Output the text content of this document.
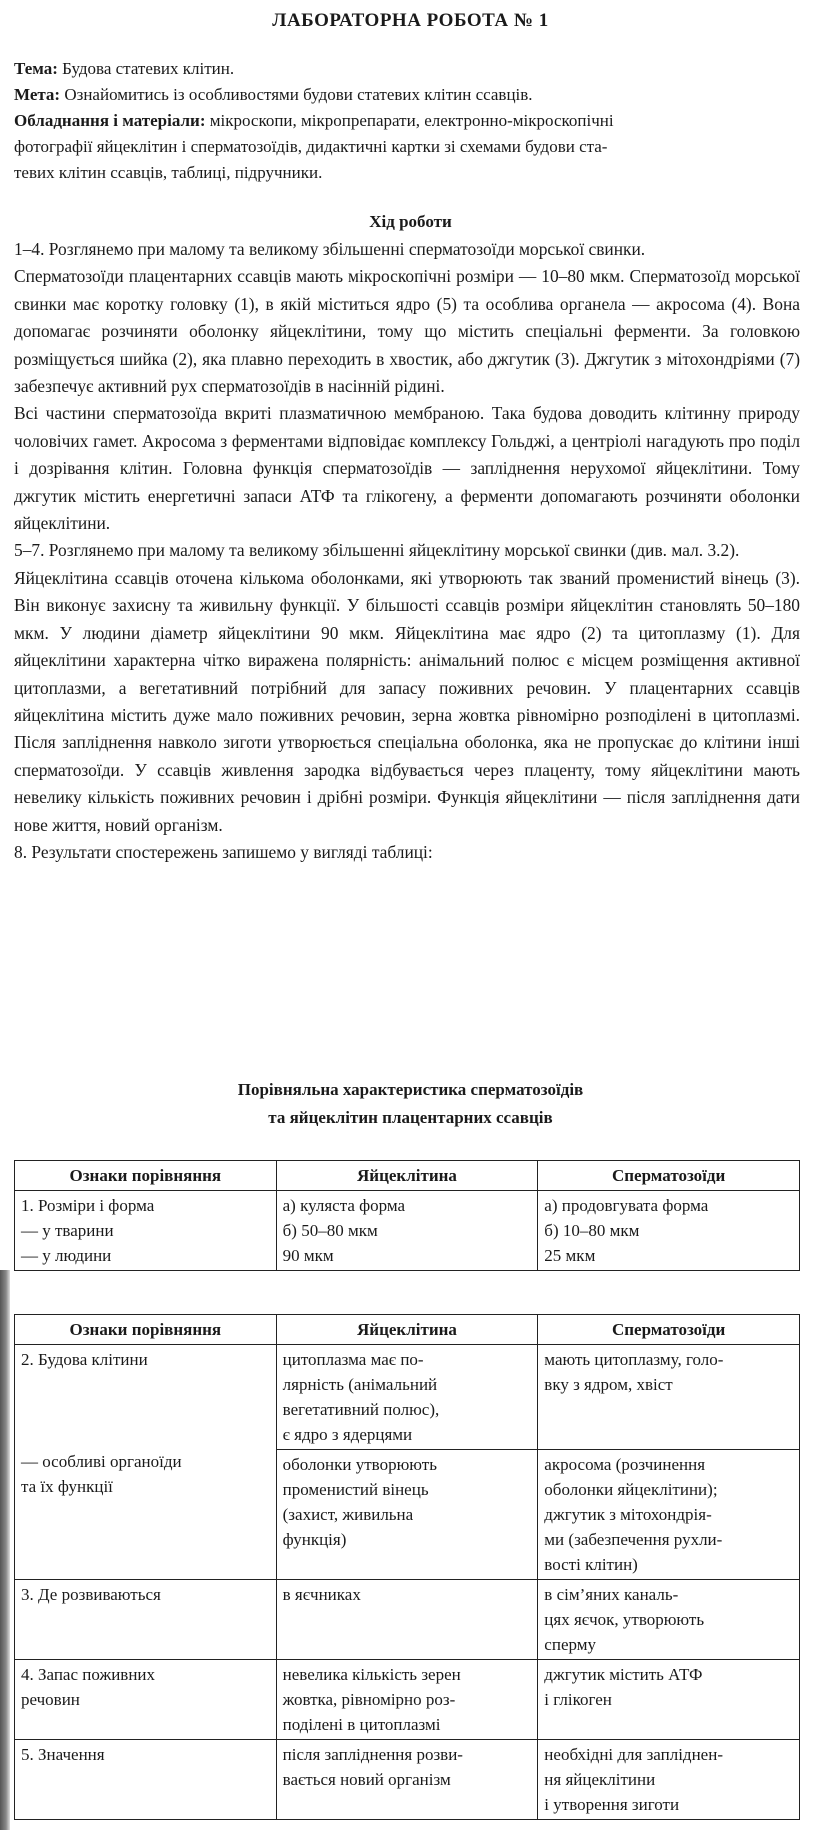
ЛАБОРАТОРНА РОБОТА № 1
Тема: Будова статевих клітин.
Мета: Ознайомитись із особливостями будови статевих клітин ссавців.
Обладнання і матеріали: мікроскопи, мікропрепарати, електронно-мікроскопічні
фотографії яйцеклітин і сперматозоїдів, дидактичні картки зі схемами будови ста-
тевих клітин ссавців, таблиці, підручники.
Хід роботи

1–4. Розглянемо при малому та великому збільшенні сперматозоїди морської свинки.

Сперматозоїди плацентарних ссавців мають мікроскопічні розміри — 10–80 мкм. Сперматозоїд морської свинки має коротку головку (1), в якій міститься ядро (5) та особлива органела — акросома (4). Вона допомагає розчиняти оболонку яйцеклітини, тому що містить спеціальні ферменти. За головкою розміщується шийка (2), яка плавно переходить в хвостик, або джгутик (3). Джгутик з мітохондріями (7) забезпечує активний рух сперматозоїдів в насінній рідині.

Всі частини сперматозоїда вкриті плазматичною мембраною. Така будова доводить клітинну природу чоловічих гамет. Акросома з ферментами відповідає комплексу Гольджі, а центріолі нагадують про поділ і дозрівання клітин. Головна функція сперматозоїдів — запліднення нерухомої яйцеклітини. Тому джгутик містить енергетичні запаси АТФ та глікогену, а ферменти допомагають розчиняти оболонки яйцеклітини.

5–7. Розглянемо при малому та великому збільшенні яйцеклітину морської свинки (див. мал. 3.2).

Яйцеклітина ссавців оточена кількома оболонками, які утворюють так званий променистий вінець (3). Він виконує захисну та живильну функції. У більшості ссавців розміри яйцеклітин становлять 50–180 мкм. У людини діаметр яйцеклітини 90 мкм. Яйцеклітина має ядро (2) та цитоплазму (1). Для яйцеклітини характерна чітко виражена полярність: анімальний полюс є місцем розміщення активної цитоплазми, а вегетативний потрібний для запасу поживних речовин. У плацентарних ссавців яйцеклітина містить дуже мало поживних речовин, зерна жовтка рівномірно розподілені в цитоплазмі. Після запліднення навколо зиготи утворюється спеціальна оболонка, яка не пропускає до клітини інші сперматозоїди. У ссавців живлення зародка відбувається через плаценту, тому яйцеклітини мають невелику кількість поживних речовин і дрібні розміри. Функція яйцеклітини — після запліднення дати нове життя, новий організм.

8. Результати спостережень запишемо у вигляді таблиці:

Порівняльна характеристика сперматозоїдів
та яйцеклітин плацентарних ссавців
Ознаки порівняння	Яйцеклітина	Сперматозоїди

1. Розміри і форма
— у тварини
— у людини	а) куляста форма
б) 50–80 мкм
90 мкм	а) продовгувата форма
б) 10–80 мкм
25 мкм
Ознаки порівняння	Яйцеклітина	Сперматозоїди

2. Будова клітини
— особливі органоїди
та їх функції	цитоплазма має по-
лярність (анімальний
вегетативний полюс),
є ядро з ядерцями	мають цитоплазму, голо-
вку з ядром, хвіст

	оболонки утворюють
променистий вінець
(захист, живильна
функція)	акросома (розчинення
оболонки яйцеклітини);
джгутик з мітохондрія-
ми (забезпечення рухли-
вості клітин)

3. Де розвиваються	в яєчниках	в сім’яних каналь-
цях яєчок, утворюють
сперму

4. Запас поживних
речовин	невелика кількість зерен
жовтка, рівномірно роз-
поділені в цитоплазмі	джгутик містить АТФ
і глікоген

5. Значення	після запліднення розви-
вається новий організм	необхідні для запліднен-
ня яйцеклітини
і утворення зиготи
